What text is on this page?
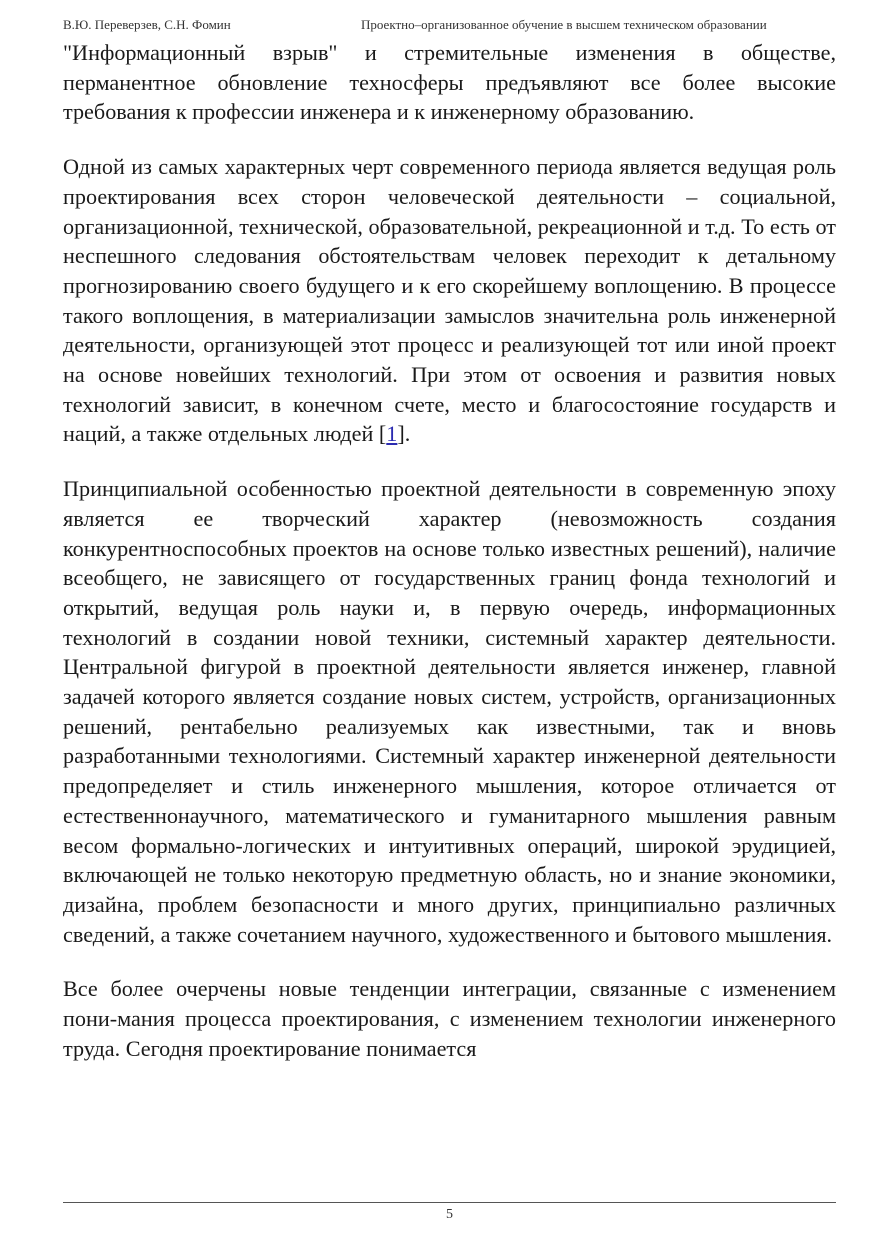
В.Ю. Переверзев, С.Н. Фомин	Проектно–организованное обучение в высшем техническом образовании

"Информационный взрыв" и стремительные изменения в обществе, перманентное обновление техносферы предъявляют все более высокие требования к профессии инженера и к инженерному образованию.

Одной из самых характерных черт современного периода является ведущая роль проектирования всех сторон человеческой деятельности – социальной, организационной, технической, образовательной, рекреационной и т.д. То есть от неспешного следования обстоятельствам человек переходит к детальному прогнозированию своего будущего и к его скорейшему воплощению. В процессе такого воплощения, в материализации замыслов значительна роль инженерной деятельности, организующей этот процесс и реализующей тот или иной проект на основе новейших технологий. При этом от освоения и развития новых технологий зависит, в конечном счете, место и благосостояние государств и наций, а также отдельных людей [1].

Принципиальной особенностью проектной деятельности в современную эпоху является ее творческий характер (невозможность создания конкурентноспособных проектов на основе только известных решений), наличие всеобщего, не зависящего от государственных границ фонда технологий и открытий, ведущая роль науки и, в первую очередь, информационных технологий в создании новой техники, системный характер деятельности. Центральной фигурой в проектной деятельности является инженер, главной задачей которого является создание новых систем, устройств, организационных решений, рентабельно реализуемых как известными, так и вновь разработанными технологиями. Системный характер инженерной деятельности предопределяет и стиль инженерного мышления, которое отличается от естественнонаучного, математического и гуманитарного мышления равным весом формально-логических и интуитивных операций, широкой эрудицией, включающей не только некоторую предметную область, но и знание экономики, дизайна, проблем безопасности и много других, принципиально различных сведений, а также сочетанием научного, художественного и бытового мышления.

Все более очерчены новые тенденции интеграции, связанные с изменением пони-мания процесса проектирования, с изменением технологии инженерного труда. Сегодня проектирование понимается

5
